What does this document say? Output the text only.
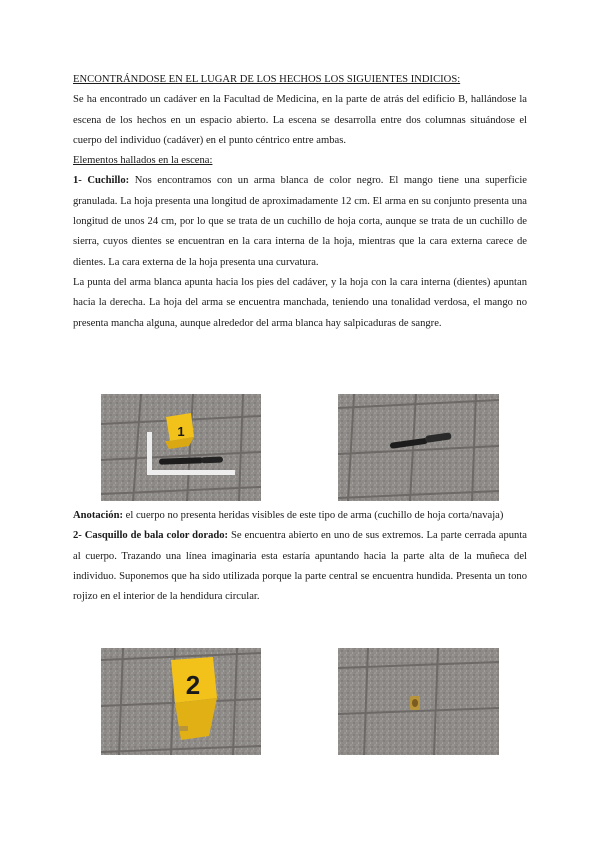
ENCONTRÁNDOSE EN EL LUGAR DE LOS HECHOS LOS SIGUIENTES INDICIOS:

Se ha encontrado un cadáver en la Facultad de Medicina, en la parte de atrás del edificio B, hallándose la escena de los hechos en un espacio abierto. La escena se desarrolla entre dos columnas situándose el cuerpo del individuo (cadáver) en el punto céntrico entre ambas.

Elementos hallados en la escena:

1- Cuchillo: Nos encontramos con un arma blanca de color negro. El mango tiene una superficie granulada. La hoja presenta una longitud de aproximadamente 12 cm. El arma en su conjunto presenta una longitud de unos 24 cm, por lo que se trata de un cuchillo de hoja corta, aunque se trata de un cuchillo de sierra, cuyos dientes se encuentran en la cara interna de la hoja, mientras que la cara externa carece de dientes. La cara externa de la hoja presenta una curvatura.

La punta del arma blanca apunta hacia los pies del cadáver, y la hoja con la cara interna (dientes) apuntan hacia la derecha. La hoja del arma se encuentra manchada, teniendo una tonalidad verdosa, el mango no presenta mancha alguna, aunque alrededor del arma blanca hay salpicaduras de sangre.

1

Anotación: el cuerpo no presenta heridas visibles de este tipo de arma (cuchillo de hoja corta/navaja)

2- Casquillo de bala color dorado: Se encuentra abierto en uno de sus extremos. La parte cerrada apunta al cuerpo. Trazando una línea imaginaria esta estaría apuntando hacia la parte alta de la muñeca del individuo. Suponemos que ha sido utilizada porque la parte central se encuentra hundida. Presenta un tono rojizo en el interior de la hendidura circular.

2
